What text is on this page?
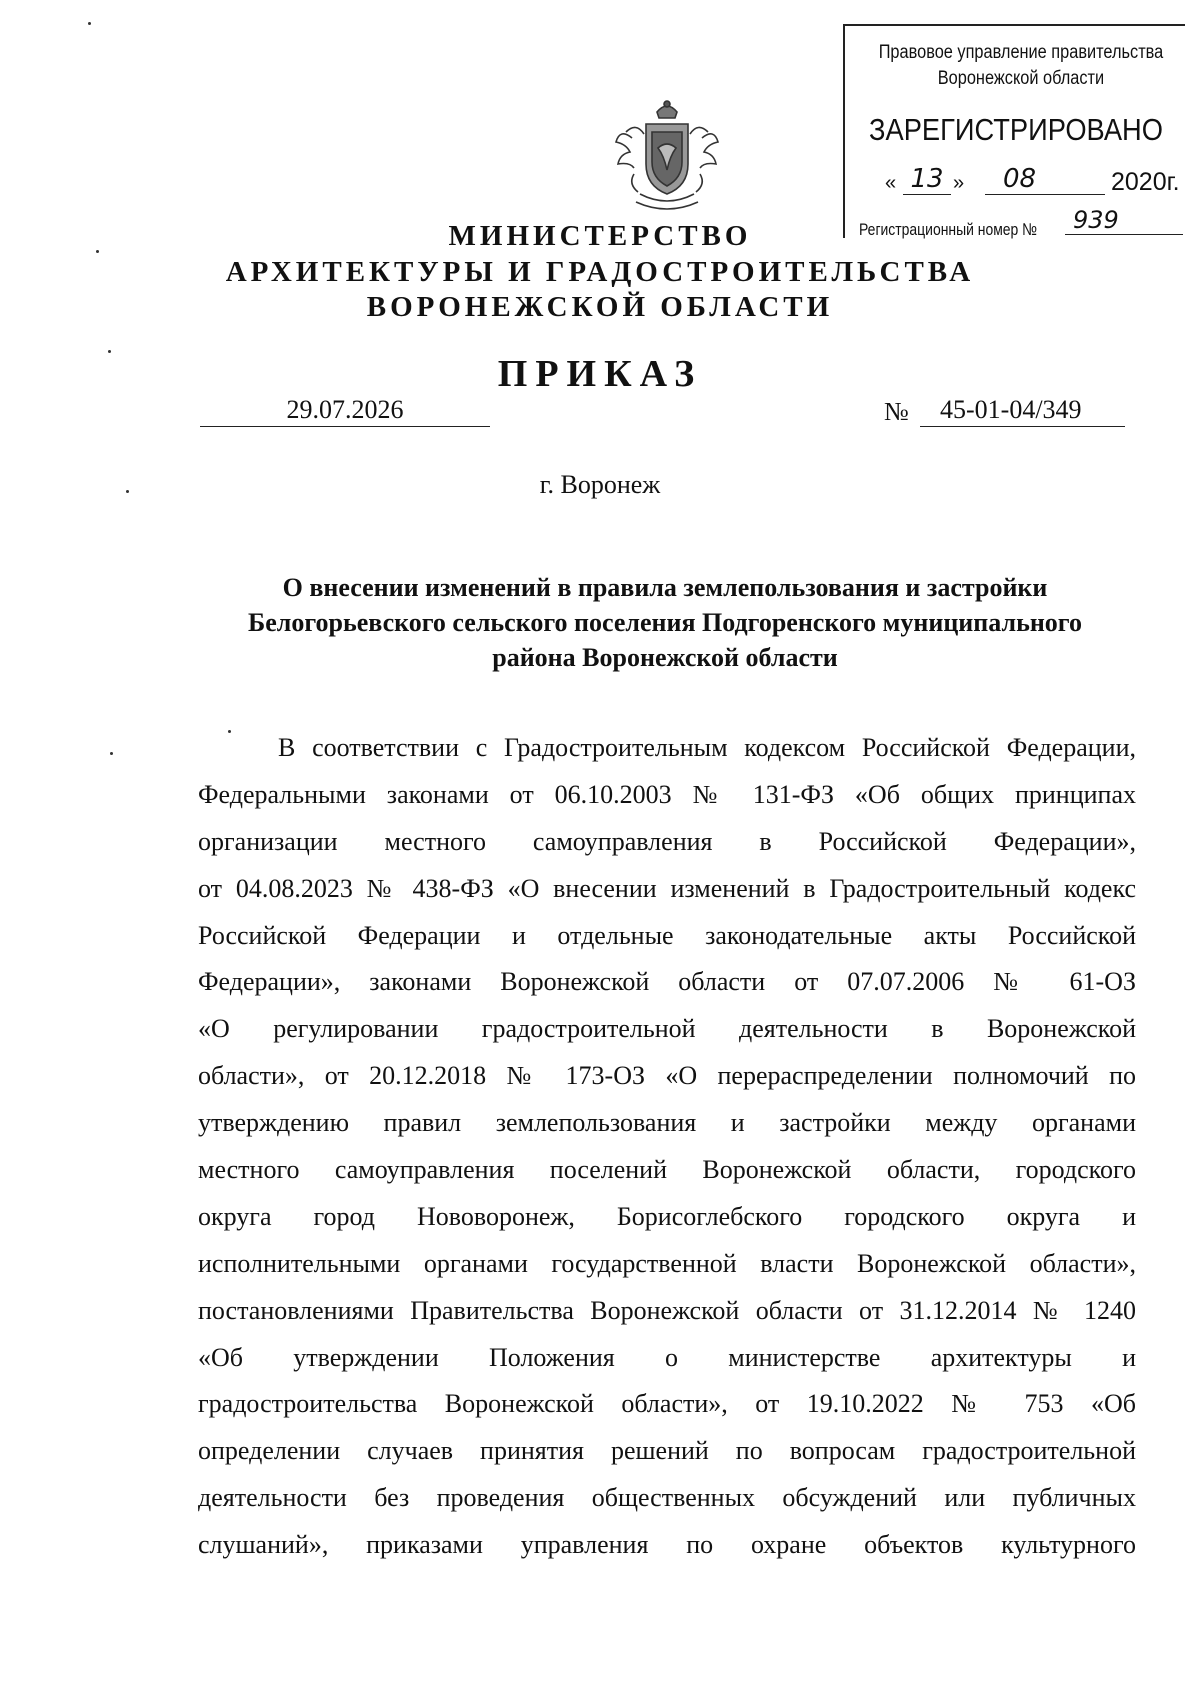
Правовое управление правительства
Воронежской области
ЗАРЕГИСТРИРОВАНО
« 13 »	08	2020г.
Регистрационный номер №	939
МИНИСТЕРСТВО
АРХИТЕКТУРЫ И ГРАДОСТРОИТЕЛЬСТВА
ВОРОНЕЖСКОЙ ОБЛАСТИ
ПРИКАЗ
29.07.2026	№	45-01-04/349
г. Воронеж
О внесении изменений в правила землепользования и застройки
Белогорьевского сельского поселения Подгоренского муниципального
района Воронежской области
В соответствии с Градостроительным кодексом Российской Федерации,
Федеральными законами от 06.10.2003 № 131-ФЗ «Об общих принципах
организации местного самоуправления в Российской Федерации»,
от 04.08.2023 № 438-ФЗ «О внесении изменений в Градостроительный кодекс
Российской Федерации и отдельные законодательные акты Российской
Федерации», законами Воронежской области от 07.07.2006 № 61-ОЗ
«О регулировании градостроительной деятельности в Воронежской
области», от 20.12.2018 № 173-ОЗ «О перераспределении полномочий по
утверждению правил землепользования и застройки между органами
местного самоуправления поселений Воронежской области, городского
округа город Нововоронеж, Борисоглебского городского округа и
исполнительными органами государственной власти Воронежской области»,
постановлениями Правительства Воронежской области от 31.12.2014 № 1240
«Об утверждении Положения о министерстве архитектуры и
градостроительства Воронежской области», от 19.10.2022 № 753 «Об
определении случаев принятия решений по вопросам градостроительной
деятельности без проведения общественных обсуждений или публичных
слушаний», приказами управления по охране объектов культурного
